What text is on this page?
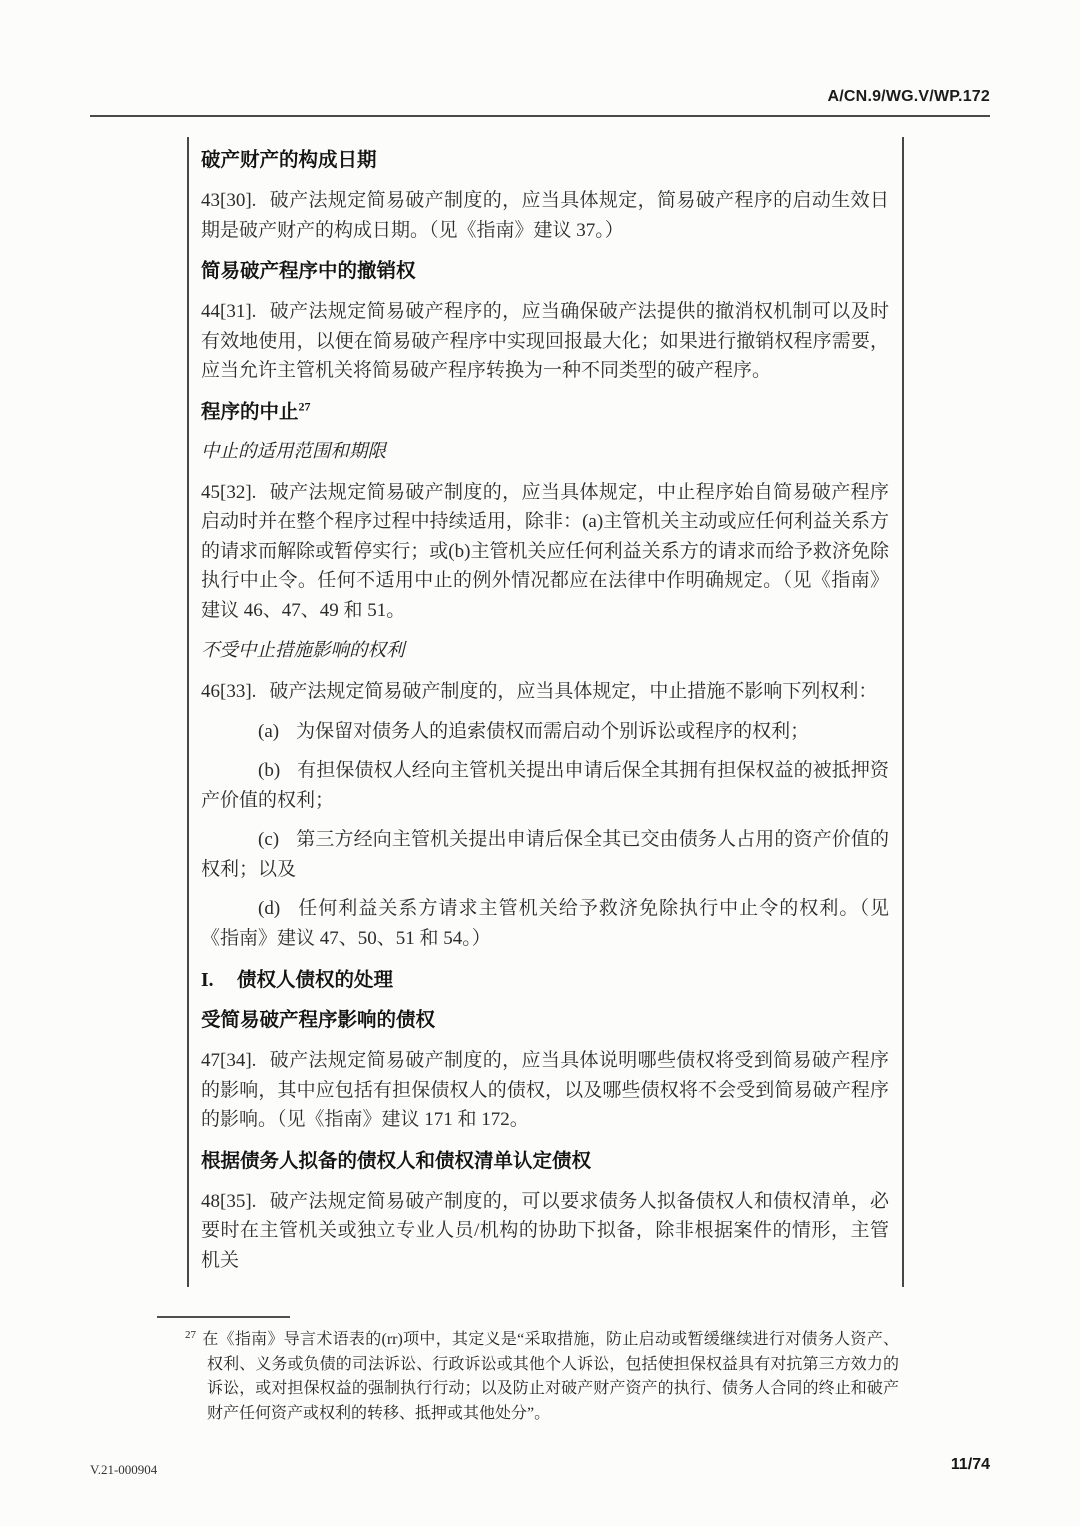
A/CN.9/WG.V/WP.172
破产财产的构成日期

43[30]. 破产法规定简易破产制度的，应当具体规定，简易破产程序的启动生效日期是破产财产的构成日期。（见《指南》建议 37。）

简易破产程序中的撤销权

44[31]. 破产法规定简易破产程序的，应当确保破产法提供的撤消权机制可以及时有效地使用，以便在简易破产程序中实现回报最大化；如果进行撤销权程序需要，应当允许主管机关将简易破产程序转换为一种不同类型的破产程序。

程序的中止$^{27}$

中止的适用范围和期限

45[32]. 破产法规定简易破产制度的，应当具体规定，中止程序始自简易破产程序启动时并在整个程序过程中持续适用，除非：(a)主管机关主动或应任何利益关系方的请求而解除或暂停实行；或(b)主管机关应任何利益关系方的请求而给予救济免除执行中止令。任何不适用中止的例外情况都应在法律中作明确规定。（见《指南》建议 46、47、49 和 51。

不受中止措施影响的权利

46[33]. 破产法规定简易破产制度的，应当具体规定，中止措施不影响下列权利：

(a) 为保留对债务人的追索债权而需启动个别诉讼或程序的权利；

(b) 有担保债权人经向主管机关提出申请后保全其拥有担保权益的被抵押资产价值的权利；

(c) 第三方经向主管机关提出申请后保全其已交由债务人占用的资产价值的权利；以及

(d) 任何利益关系方请求主管机关给予救济免除执行中止令的权利。（见《指南》建议 47、50、51 和 54。）

I. 债权人债权的处理
受简易破产程序影响的债权

47[34]. 破产法规定简易破产制度的，应当具体说明哪些债权将受到简易破产程序的影响，其中应包括有担保债权人的债权，以及哪些债权将不会受到简易破产程序的影响。（见《指南》建议 171 和 172。

根据债务人拟备的债权人和债权清单认定债权

48[35]. 破产法规定简易破产制度的，可以要求债务人拟备债权人和债权清单，必要时在主管机关或独立专业人员/机构的协助下拟备，除非根据案件的情形，主管机关

$^{27}$ 在《指南》导言术语表的(rr)项中，其定义是“采取措施，防止启动或暂缓继续进行对债务人资产、权利、义务或负债的司法诉讼、行政诉讼或其他个人诉讼，包括使担保权益具有对抗第三方效力的诉讼，或对担保权益的强制执行行动；以及防止对破产财产资产的执行、债务人合同的终止和破产财产任何资产或权利的转移、抵押或其他处分”。

V.21-000904	11/74
